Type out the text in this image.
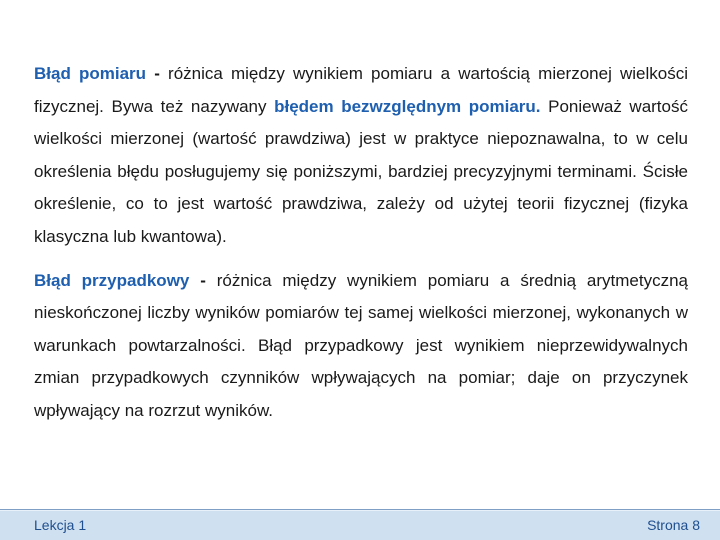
Błąd pomiaru - różnica między wynikiem pomiaru a wartością mierzonej wielkości fizycznej. Bywa też nazywany błędem bezwzględnym pomiaru. Ponieważ wartość wielkości mierzonej (wartość prawdziwa) jest w praktyce niepoznawalna, to w celu określenia błędu posługujemy się poniższymi, bardziej precyzyjnymi terminami. Ścisłe określenie, co to jest wartość prawdziwa, zależy od użytej teorii fizycznej (fizyka klasyczna lub kwantowa).

Błąd przypadkowy - różnica między wynikiem pomiaru a średnią arytmetyczną nieskończonej liczby wyników pomiarów tej samej wielkości mierzonej, wykonanych w warunkach powtarzalności. Błąd przypadkowy jest wynikiem nieprzewidywalnych zmian przypadkowych czynników wpływających na pomiar; daje on przyczynek wpływający na rozrzut wyników.

Lekcja 1	Strona 8
